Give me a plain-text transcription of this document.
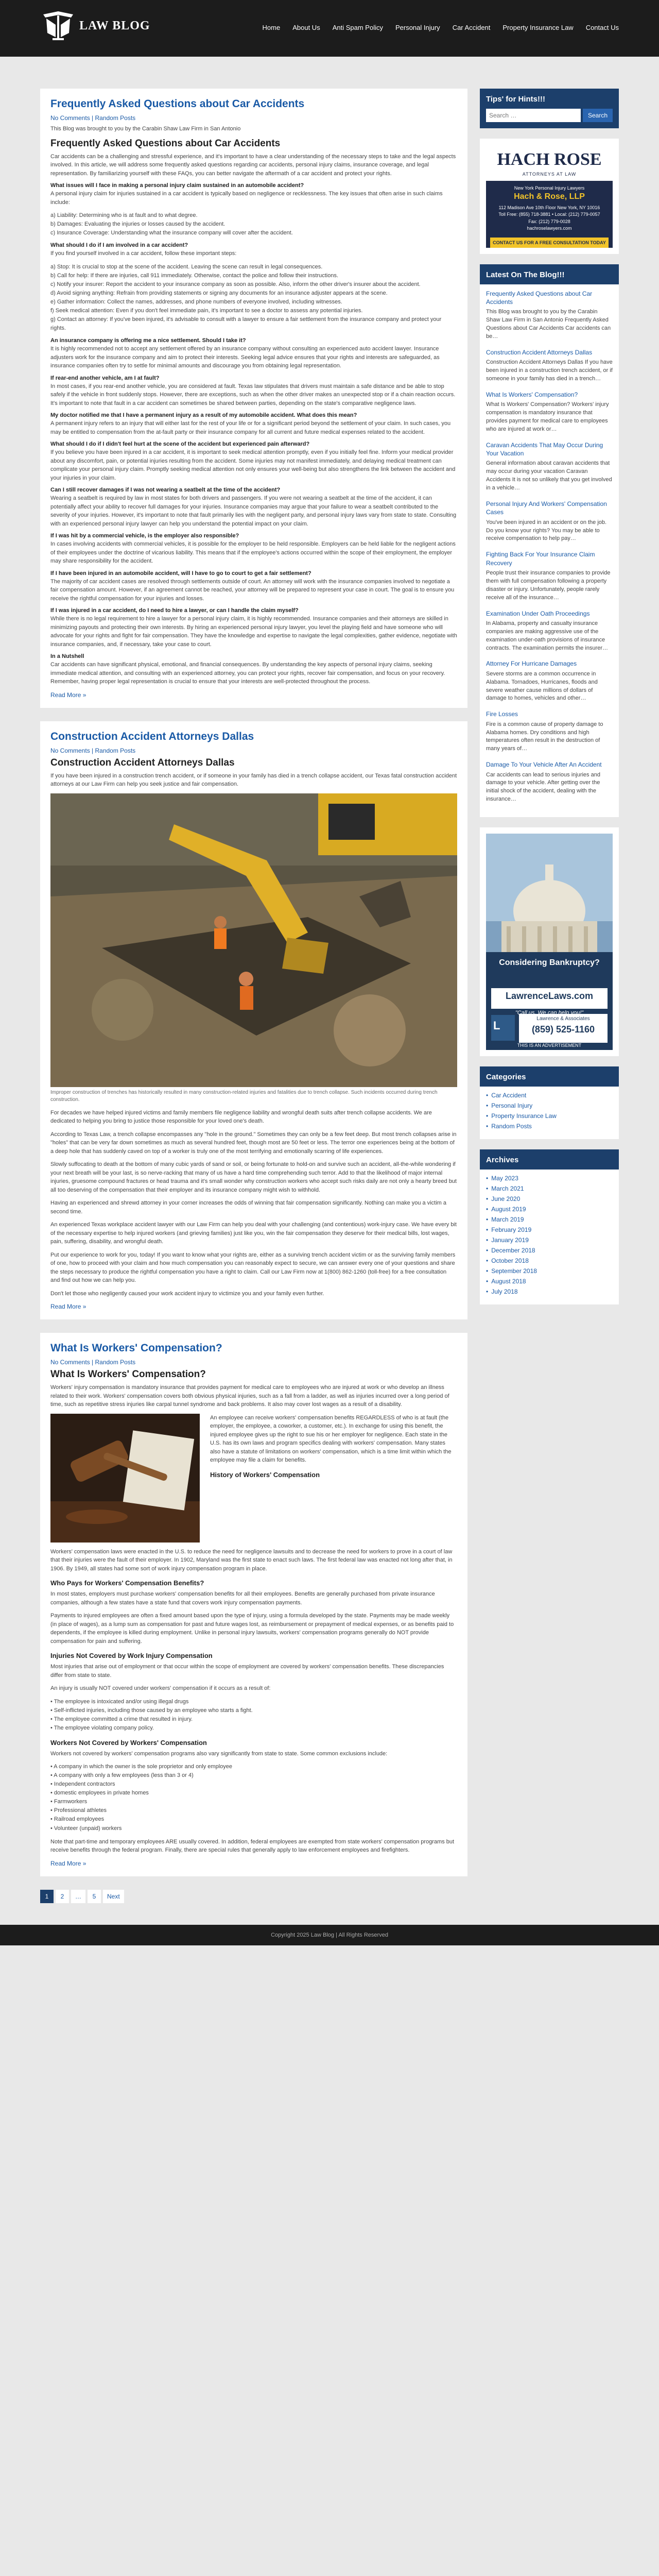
LAW BLOG	Home About Us Anti Spam Policy Personal Injury Car Accident Property Insurance Law Contact Us
Frequently Asked Questions about Car Accidents
No Comments | Random Posts

This Blog was brought to you by the Carabin Shaw Law Firm in San Antonio

Frequently Asked Questions about Car Accidents

Car accidents can be a challenging and stressful experience, and it's important to have a clear understanding of the necessary steps to take and the legal aspects involved. In this article, we will address some frequently asked questions regarding car accidents, personal injury claims, insurance coverage, and legal representation. By familiarizing yourself with these FAQs, you can better navigate the aftermath of a car accident and protect your rights.

What issues will I face in making a personal injury claim sustained in an automobile accident?

A personal injury claim for injuries sustained in a car accident is typically based on negligence or recklessness. The key issues that often arise in such claims include:

a) Liability: Determining who is at fault and to what degree.
b) Damages: Evaluating the injuries or losses caused by the accident.
c) Insurance Coverage: Understanding what the insurance company will cover after the accident.
What should I do if I am involved in a car accident?

If you find yourself involved in a car accident, follow these important steps:

a) Stop: It is crucial to stop at the scene of the accident. Leaving the scene can result in legal consequences.
b) Call for help: If there are injuries, call 911 immediately. Otherwise, contact the police and follow their instructions.
c) Notify your insurer: Report the accident to your insurance company as soon as possible. Also, inform the other driver's insurer about the accident.
d) Avoid signing anything: Refrain from providing statements or signing any documents for an insurance adjuster appears at the scene.
e) Gather information: Collect the names, addresses, and phone numbers of everyone involved, including witnesses.
f) Seek medical attention: Even if you don't feel immediate pain, it's important to see a doctor to assess any potential injuries.
g) Contact an attorney: If you've been injured, it's advisable to consult with a lawyer to ensure a fair settlement from the insurance company and protect your rights.
An insurance company is offering me a nice settlement. Should I take it?

It is highly recommended not to accept any settlement offered by an insurance company without consulting an experienced auto accident lawyer. Insurance adjusters work for the insurance company and aim to protect their interests. Seeking legal advice ensures that your rights and interests are safeguarded, as insurance companies often try to settle for minimal amounts and discourage you from obtaining legal representation.

If rear-end another vehicle, am I at fault?

In most cases, if you rear-end another vehicle, you are considered at fault. Texas law stipulates that drivers must maintain a safe distance and be able to stop safely if the vehicle in front suddenly stops. However, there are exceptions, such as when the other driver makes an unexpected stop or if a chain reaction occurs. It's important to note that fault in a car accident can sometimes be shared between parties, depending on the state's comparative negligence laws.

My doctor notified me that I have a permanent injury as a result of my automobile accident. What does this mean?

A permanent injury refers to an injury that will either last for the rest of your life or for a significant period beyond the settlement of your claim. In such cases, you may be entitled to compensation from the at-fault party or their insurance company for all current and future medical expenses related to the accident.

What should I do if I didn't feel hurt at the scene of the accident but experienced pain afterward?

If you believe you have been injured in a car accident, it is important to seek medical attention promptly, even if you initially feel fine. Inform your medical provider about any discomfort, pain, or potential injuries resulting from the accident. Some injuries may not manifest immediately, and delaying medical treatment can complicate your personal injury claim. Promptly seeking medical attention not only ensures your well-being but also strengthens the link between the accident and your injuries in your claim.

Can I still recover damages if I was not wearing a seatbelt at the time of the accident?

Wearing a seatbelt is required by law in most states for both drivers and passengers. If you were not wearing a seatbelt at the time of the accident, it can potentially affect your ability to recover full damages for your injuries. Insurance companies may argue that your failure to wear a seatbelt contributed to the severity of your injuries. However, it's important to note that fault primarily lies with the negligent party, and personal injury laws vary from state to state. Consulting with an experienced personal injury lawyer can help you understand the potential impact on your claim.

If I was hit by a commercial vehicle, is the employer also responsible?

In cases involving accidents with commercial vehicles, it is possible for the employer to be held responsible. Employers can be held liable for the negligent actions of their employees under the doctrine of vicarious liability. This means that if the employee's actions occurred within the scope of their employment, the employer may share responsibility for the accident.

If I have been injured in an automobile accident, will I have to go to court to get a fair settlement?

The majority of car accident cases are resolved through settlements outside of court. An attorney will work with the insurance companies involved to negotiate a fair compensation amount. However, if an agreement cannot be reached, your attorney will be prepared to represent your case in court. The goal is to ensure you receive the rightful compensation for your injuries and losses.

If I was injured in a car accident, do I need to hire a lawyer, or can I handle the claim myself?

While there is no legal requirement to hire a lawyer for a personal injury claim, it is highly recommended. Insurance companies and their attorneys are skilled in minimizing payouts and protecting their own interests. By hiring an experienced personal injury lawyer, you level the playing field and have someone who will advocate for your rights and fight for fair compensation. They have the knowledge and expertise to navigate the legal complexities, gather evidence, negotiate with insurance companies, and, if necessary, take your case to court.

In a Nutshell

Car accidents can have significant physical, emotional, and financial consequences. By understanding the key aspects of personal injury claims, seeking immediate medical attention, and consulting with an experienced attorney, you can protect your rights, recover fair compensation, and focus on your recovery. Remember, having proper legal representation is crucial to ensure that your interests are well-protected throughout the process.

Read More »
Construction Accident Attorneys Dallas
No Comments | Random Posts
Construction Accident Attorneys Dallas

If you have been injured in a construction trench accident, or if someone in your family has died in a trench collapse accident, our Texas fatal construction accident attorneys at our Law Firm can help you seek justice and fair compensation.

Improper construction of trenches has historically resulted in many construction-related injuries and fatalities due to trench collapse. Such incidents occurred during trench construction.

For decades we have helped injured victims and family members file negligence liability and wrongful death suits after trench collapse accidents. We are dedicated to helping you bring to justice those responsible for your loved one's death.

According to Texas Law, a trench collapse encompasses any "hole in the ground." Sometimes they can only be a few feet deep. But most trench collapses arise in "holes" that can be very far down sometimes as much as several hundred feet, though most are 50 feet or less. The terror one experiences being at the bottom of a deep hole that has suddenly caved on top of a worker is truly one of the most terrifying and emotionally scarring of life experiences.

Slowly suffocating to death at the bottom of many cubic yards of sand or soil, or being fortunate to hold-on and survive such an accident, all-the-while wondering if your next breath will be your last, is so nerve-racking that many of us have a hard time comprehending such terror. Add to that the likelihood of major internal injuries, gruesome compound fractures or head trauma and it's small wonder why construction workers who accept such risks daily are not only a hearty breed but all too deserving of the compensation that their employer and its insurance company might wish to withhold.

Having an experienced and shrewd attorney in your corner increases the odds of winning that fair compensation significantly. Nothing can make you a victim a second time.

An experienced Texas workplace accident lawyer with our Law Firm can help you deal with your challenging (and contentious) work-injury case. We have every bit of the necessary expertise to help injured workers (and grieving families) just like you, win the fair compensation they deserve for their medical bills, lost wages, pain, suffering, disability, and wrongful death.

Put our experience to work for you, today! If you want to know what your rights are, either as a surviving trench accident victim or as the surviving family members of one, how to proceed with your claim and how much compensation you can reasonably expect to secure, we can answer every one of your questions and share the steps necessary to produce the rightful compensation you have a right to claim. Call our Law Firm now at 1(800) 862-1260 (toll-free) for a free consultation and find out how we can help you.

Don't let those who negligently caused your work accident injury to victimize you and your family even further.

Read More »
What Is Workers' Compensation?
No Comments | Random Posts
What Is Workers' Compensation?

Workers' injury compensation is mandatory insurance that provides payment for medical care to employees who are injured at work or who develop an illness related to their work. Workers' compensation covers both obvious physical injuries, such as a fall from a ladder, as well as injuries incurred over a long period of time, such as repetitive stress injuries like carpal tunnel syndrome and back problems. It also may cover lost wages as a result of a disability.

An employee can receive workers' compensation benefits REGARDLESS of who is at fault (the employer, the employee, a coworker, a customer, etc.). In exchange for using this benefit, the injured employee gives up the right to sue his or her employer for negligence. Each state in the U.S. has its own laws and program specifics dealing with workers' compensation. Many states also have a statute of limitations on workers' compensation, which is a time limit within which the employee may file a claim for benefits.

History of Workers' Compensation

Workers' compensation laws were enacted in the U.S. to reduce the need for negligence lawsuits and to decrease the need for workers to prove in a court of law that their injuries were the fault of their employer. In 1902, Maryland was the first state to enact such laws. The first federal law was enacted not long after that, in 1906. By 1949, all states had some sort of work injury compensation program in place.

Who Pays for Workers' Compensation Benefits?

In most states, employers must purchase workers' compensation benefits for all their employees. Benefits are generally purchased from private insurance companies, although a few states have a state fund that covers work injury compensation payments.

Payments to injured employees are often a fixed amount based upon the type of injury, using a formula developed by the state. Payments may be made weekly (in place of wages), as a lump sum as compensation for past and future wages lost, as reimbursement or prepayment of medical expenses, or as benefits paid to dependents, if the employee is killed during employment. Unlike in personal injury lawsuits, workers' compensation programs generally do NOT provide compensation for pain and suffering.

Injuries Not Covered by Work Injury Compensation

Most injuries that arise out of employment or that occur within the scope of employment are covered by workers' compensation benefits. These discrepancies differ from state to state.

An injury is usually NOT covered under workers' compensation if it occurs as a result of:

• The employee is intoxicated and/or using illegal drugs
• Self-inflicted injuries, including those caused by an employee who starts a fight.
• The employee committed a crime that resulted in injury.
• The employee violating company policy.
Workers Not Covered by Workers' Compensation

Workers not covered by workers' compensation programs also vary significantly from state to state. Some common exclusions include:

• A company in which the owner is the sole proprietor and only employee
• A company with only a few employees (less than 3 or 4)
• Independent contractors
• domestic employees in private homes
• Farmworkers
• Professional athletes
• Railroad employees
• Volunteer (unpaid) workers

Note that part-time and temporary employees ARE usually covered. In addition, federal employees are exempted from state workers' compensation programs but receive benefits through the federal program. Finally, there are special rules that generally apply to law enforcement employees and firefighters.

Read More »
1	2	…	5	Next
Tips' for Hints!!!
Search …
Search
HACH ROSE
ATTORNEYS AT LAW
New York Personal Injury Lawyers
Hach & Rose, LLP
112 Madison Ave 10th Floor New York, NY 10016
Toll Free: (855) 718-3881 • Local: (212) 779-0057
Fax: (212) 779-0028
hachroselawyers.com
CONTACT US FOR A FREE CONSULTATION TODAY
Latest On The Blog!!!
Frequently Asked Questions about Car Accidents
This Blog was brought to you by the Carabin Shaw Law Firm in San Antonio Frequently Asked Questions about Car Accidents Car accidents can be…
Construction Accident Attorneys Dallas
Construction Accident Attorneys Dallas If you have been injured in a construction trench accident, or if someone in your family has died in a trench…
What Is Workers' Compensation?
What Is Workers' Compensation? Workers' injury compensation is mandatory insurance that provides payment for medical care to employees who are injured at work or…
Caravan Accidents That May Occur During Your Vacation
General information about caravan accidents that may occur during your vacation Caravan Accidents It is not so unlikely that you get involved in a vehicle…
Personal Injury And Workers' Compensation Cases
You've been injured in an accident or on the job. Do you know your rights? You may be able to receive compensation to help pay…
Fighting Back For Your Insurance Claim Recovery
People trust their insurance companies to provide them with full compensation following a property disaster or injury. Unfortunately, people rarely receive all of the insurance…
Examination Under Oath Proceedings
In Alabama, property and casualty insurance companies are making aggressive use of the examination under-oath provisions of insurance contracts. The examination permits the insurer…
Attorney For Hurricane Damages
Severe storms are a common occurrence in Alabama. Tornadoes, Hurricanes, floods and severe weather cause millions of dollars of damage to homes, vehicles and other…
Fire Losses
Fire is a common cause of property damage to Alabama homes. Dry conditions and high temperatures often result in the destruction of many years of…
Damage To Your Vehicle After An Accident
Car accidents can lead to serious injuries and damage to your vehicle. After getting over the initial shock of the accident, dealing with the insurance…
Considering Bankruptcy?
LawrenceLaws.com
"Call us. We can help you!"
L
Lawrence & Associates
(859) 525-1160
THIS IS AN ADVERTISEMENT
Categories
• Car Accident
• Personal Injury
• Property Insurance Law
• Random Posts
Archives
• May 2023
• March 2021
• June 2020
• August 2019
• March 2019
• February 2019
• January 2019
• December 2018
• October 2018
• September 2018
• August 2018
• July 2018
Copyright 2025 Law Blog | All Rights Reserved
